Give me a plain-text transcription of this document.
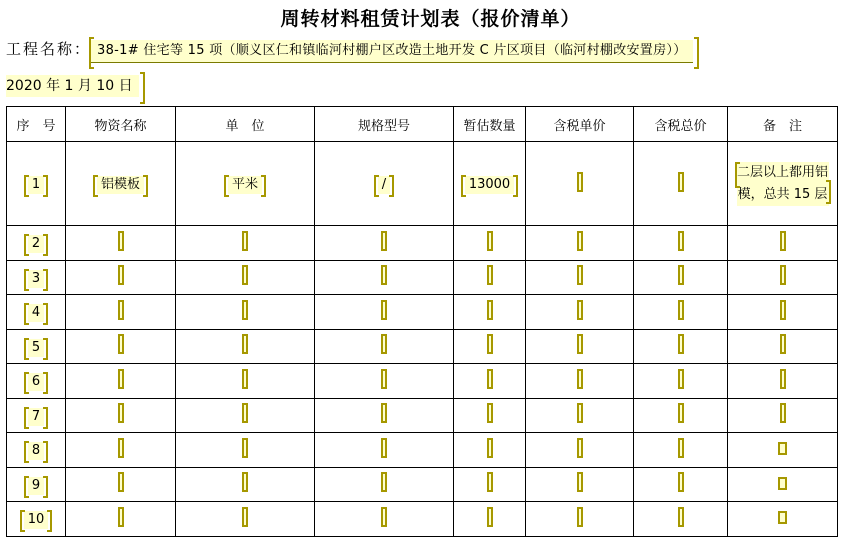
周转材料租赁计划表（报价清单）
工程名称： 38-1# 住宅等 15 项（顺义区仁和镇临河村棚户区改造土地开发 C 片区项目（临河村棚改安置房））
2020 年 1 月 10 日
序　号	物资名称	单　位	规格型号	暂估数量	含税单价	含税总价	备　注

1	铝模板	平米	/	13000			二层以上都用铝模，总共 15 层

2

3

4

5

6

7

8

9

10
